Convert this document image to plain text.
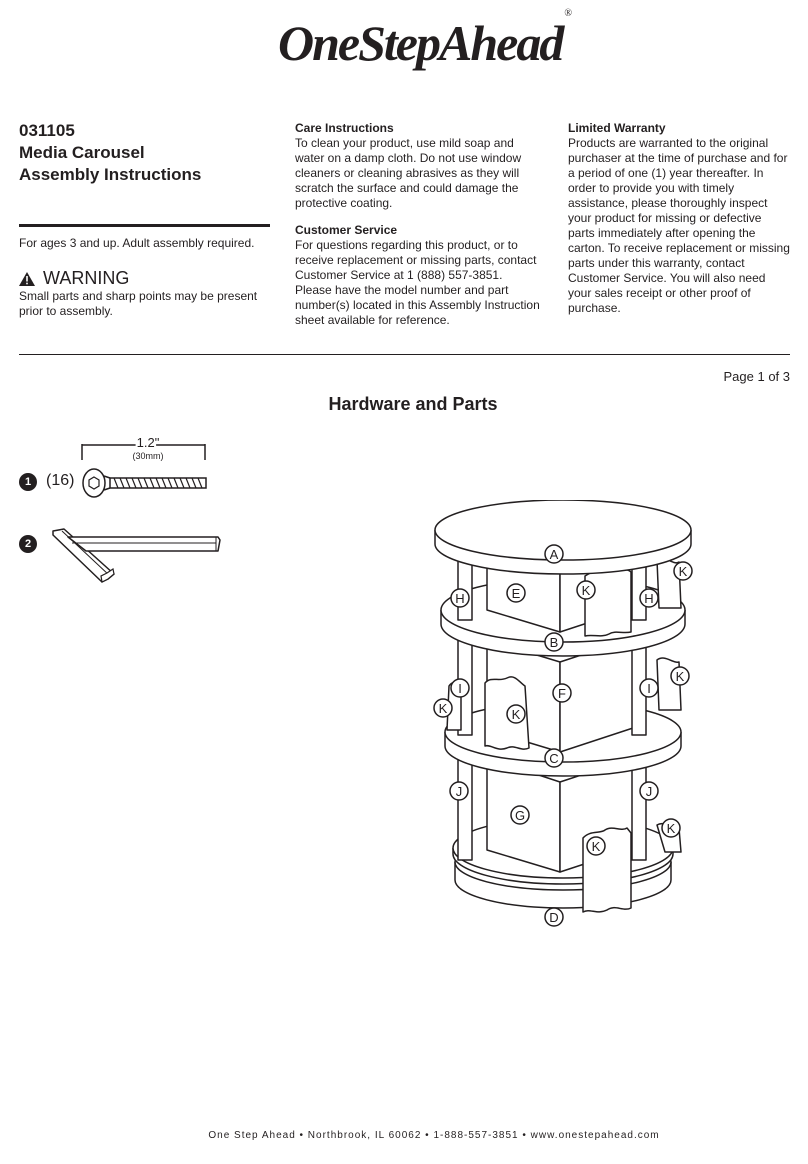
OneStepAhead®
031105
Media Carousel
Assembly Instructions
For ages 3 and up. Adult assembly required.
WARNING
Small parts and sharp points may be present prior to assembly.
Care Instructions
To clean your product, use mild soap and water on a damp cloth. Do not use window cleaners or cleaning abrasives as they will scratch the surface and could damage the protective coating.
Customer Service
For questions regarding this product, or to receive replacement or missing parts, contact Customer Service at 1 (888) 557-3851. Please have the model number and part number(s) located in this Assembly Instruction sheet available for reference.
Limited Warranty
Products are warranted to the original purchaser at the time of purchase and for a period of one (1) year thereafter. In order to provide you with timely assistance, please thoroughly inspect your product for missing or defective parts immediately after opening the carton. To receive replacement or missing parts under this warranty, contact Customer Service. You will also need your sales receipt or other proof of purchase.
Page 1 of 3
Hardware and Parts
1 (16)
1.2"
(30mm)
2
A
B
C
D
E
F
G
H	H
I	I
J	J
K
K
K
K	K
K
K
One Step Ahead • Northbrook, IL 60062 • 1-888-557-3851 • www.onestepahead.com
